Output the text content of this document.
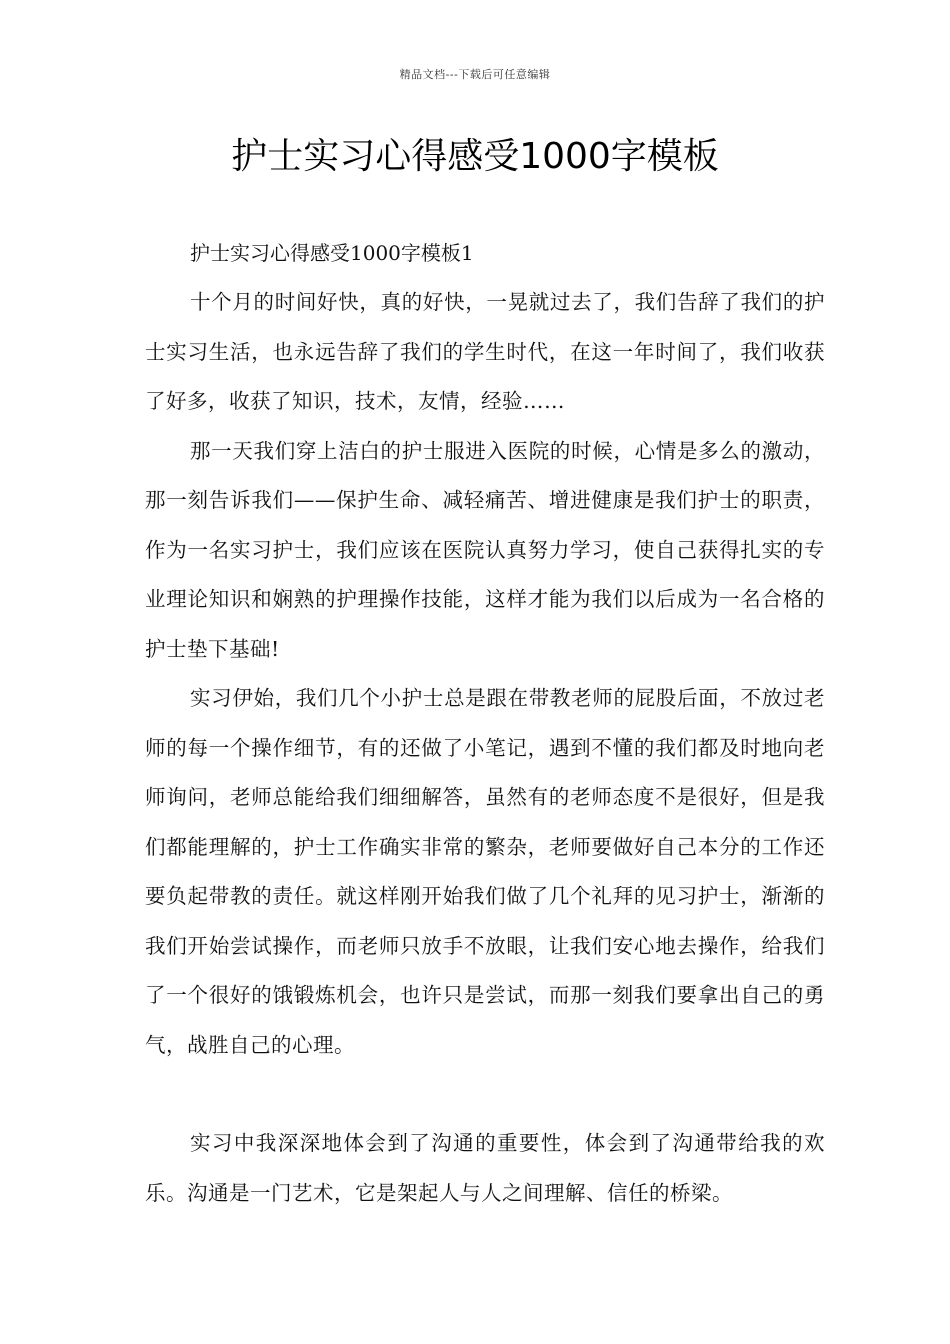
精品文档---下载后可任意编辑
护士实习心得感受1000字模板

护士实习心得感受1000字模板1

十个月的时间好快，真的好快，一晃就过去了，我们告辞了我们的护士实习生活，也永远告辞了我们的学生时代，在这一年时间了，我们收获了好多，收获了知识，技术，友情，经验……

那一天我们穿上洁白的护士服进入医院的时候，心情是多么的激动，那一刻告诉我们——保护生命、减轻痛苦、增进健康是我们护士的职责，作为一名实习护士，我们应该在医院认真努力学习，使自己获得扎实的专业理论知识和娴熟的护理操作技能，这样才能为我们以后成为一名合格的护士垫下基础!

实习伊始，我们几个小护士总是跟在带教老师的屁股后面，不放过老师的每一个操作细节，有的还做了小笔记，遇到不懂的我们都及时地向老师询问，老师总能给我们细细解答，虽然有的老师态度不是很好，但是我们都能理解的，护士工作确实非常的繁杂，老师要做好自己本分的工作还要负起带教的责任。就这样刚开始我们做了几个礼拜的见习护士，渐渐的我们开始尝试操作，而老师只放手不放眼，让我们安心地去操作，给我们了一个很好的饿锻炼机会，也许只是尝试，而那一刻我们要拿出自己的勇气，战胜自己的心理。

实习中我深深地体会到了沟通的重要性，体会到了沟通带给我的欢乐。沟通是一门艺术，它是架起人与人之间理解、信任的桥梁。
